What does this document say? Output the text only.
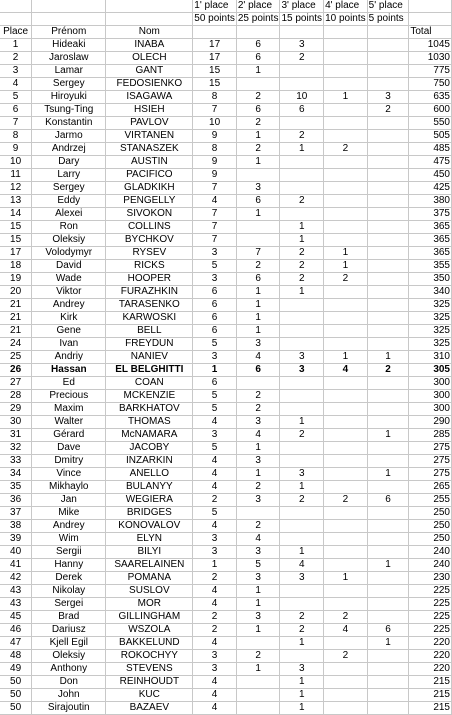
			1' place	2' place	3' place	4' place	5' place	
			50 points	25 points	15 points	10 points	5 points	
Place	Prénom	Nom						Total
1	Hideaki	INABA	17	6	3			1045
2	Jaroslaw	OLECH	17	6	2			1030
3	Lamar	GANT	15	1				775
4	Sergey	FEDOSIENKO	15					750
5	Hiroyuki	ISAGAWA	8	2	10	1	3	635
6	Tsung-Ting	HSIEH	7	6	6		2	600
7	Konstantin	PAVLOV	10	2				550
8	Jarmo	VIRTANEN	9	1	2			505
9	Andrzej	STANASZEK	8	2	1	2		485
10	Dary	AUSTIN	9	1				475
11	Larry	PACIFICO	9					450
12	Sergey	GLADKIKH	7	3				425
13	Eddy	PENGELLY	4	6	2			380
14	Alexei	SIVOKON	7	1				375
15	Ron	COLLINS	7		1			365
15	Oleksiy	BYCHKOV	7		1			365
17	Volodymyr	RYSEV	3	7	2	1		365
18	David	RICKS	5	2	2	1		355
19	Wade	HOOPER	3	6	2	2		350
20	Viktor	FURAZHKIN	6	1	1			340
21	Andrey	TARASENKO	6	1				325
21	Kirk	KARWOSKI	6	1				325
21	Gene	BELL	6	1				325
24	Ivan	FREYDUN	5	3				325
25	Andriy	NANIEV	3	4	3	1	1	310
26	Hassan	EL BELGHITTI	1	6	3	4	2	305
27	Ed	COAN	6					300
28	Precious	MCKENZIE	5	2				300
29	Maxim	BARKHATOV	5	2				300
30	Walter	THOMAS	4	3	1			290
31	Gérard	McNAMARA	3	4	2		1	285
32	Dave	JACOBY	5	1				275
33	Dmitry	INZARKIN	4	3				275
34	Vince	ANELLO	4	1	3		1	275
35	Mikhaylo	BULANYY	4	2	1			265
36	Jan	WEGIERA	2	3	2	2	6	255
37	Mike	BRIDGES	5					250
38	Andrey	KONOVALOV	4	2				250
39	Wim	ELYN	3	4				250
40	Sergii	BILYI	3	3	1			240
41	Hanny	SAARELAINEN	1	5	4		1	240
42	Derek	POMANA	2	3	3	1		230
43	Nikolay	SUSLOV	4	1				225
43	Sergei	MOR	4	1				225
45	Brad	GILLINGHAM	2	3	2	2		225
46	Dariusz	WSZOLA	2	1	2	4	6	225
47	Kjell Egil	BAKKELUND	4		1		1	220
48	Oleksiy	ROKOCHYY	3	2		2		220
49	Anthony	STEVENS	3	1	3			220
50	Don	REINHOUDT	4		1			215
50	John	KUC	4		1			215
50	Sirajoutin	BAZAEV	4		1			215
